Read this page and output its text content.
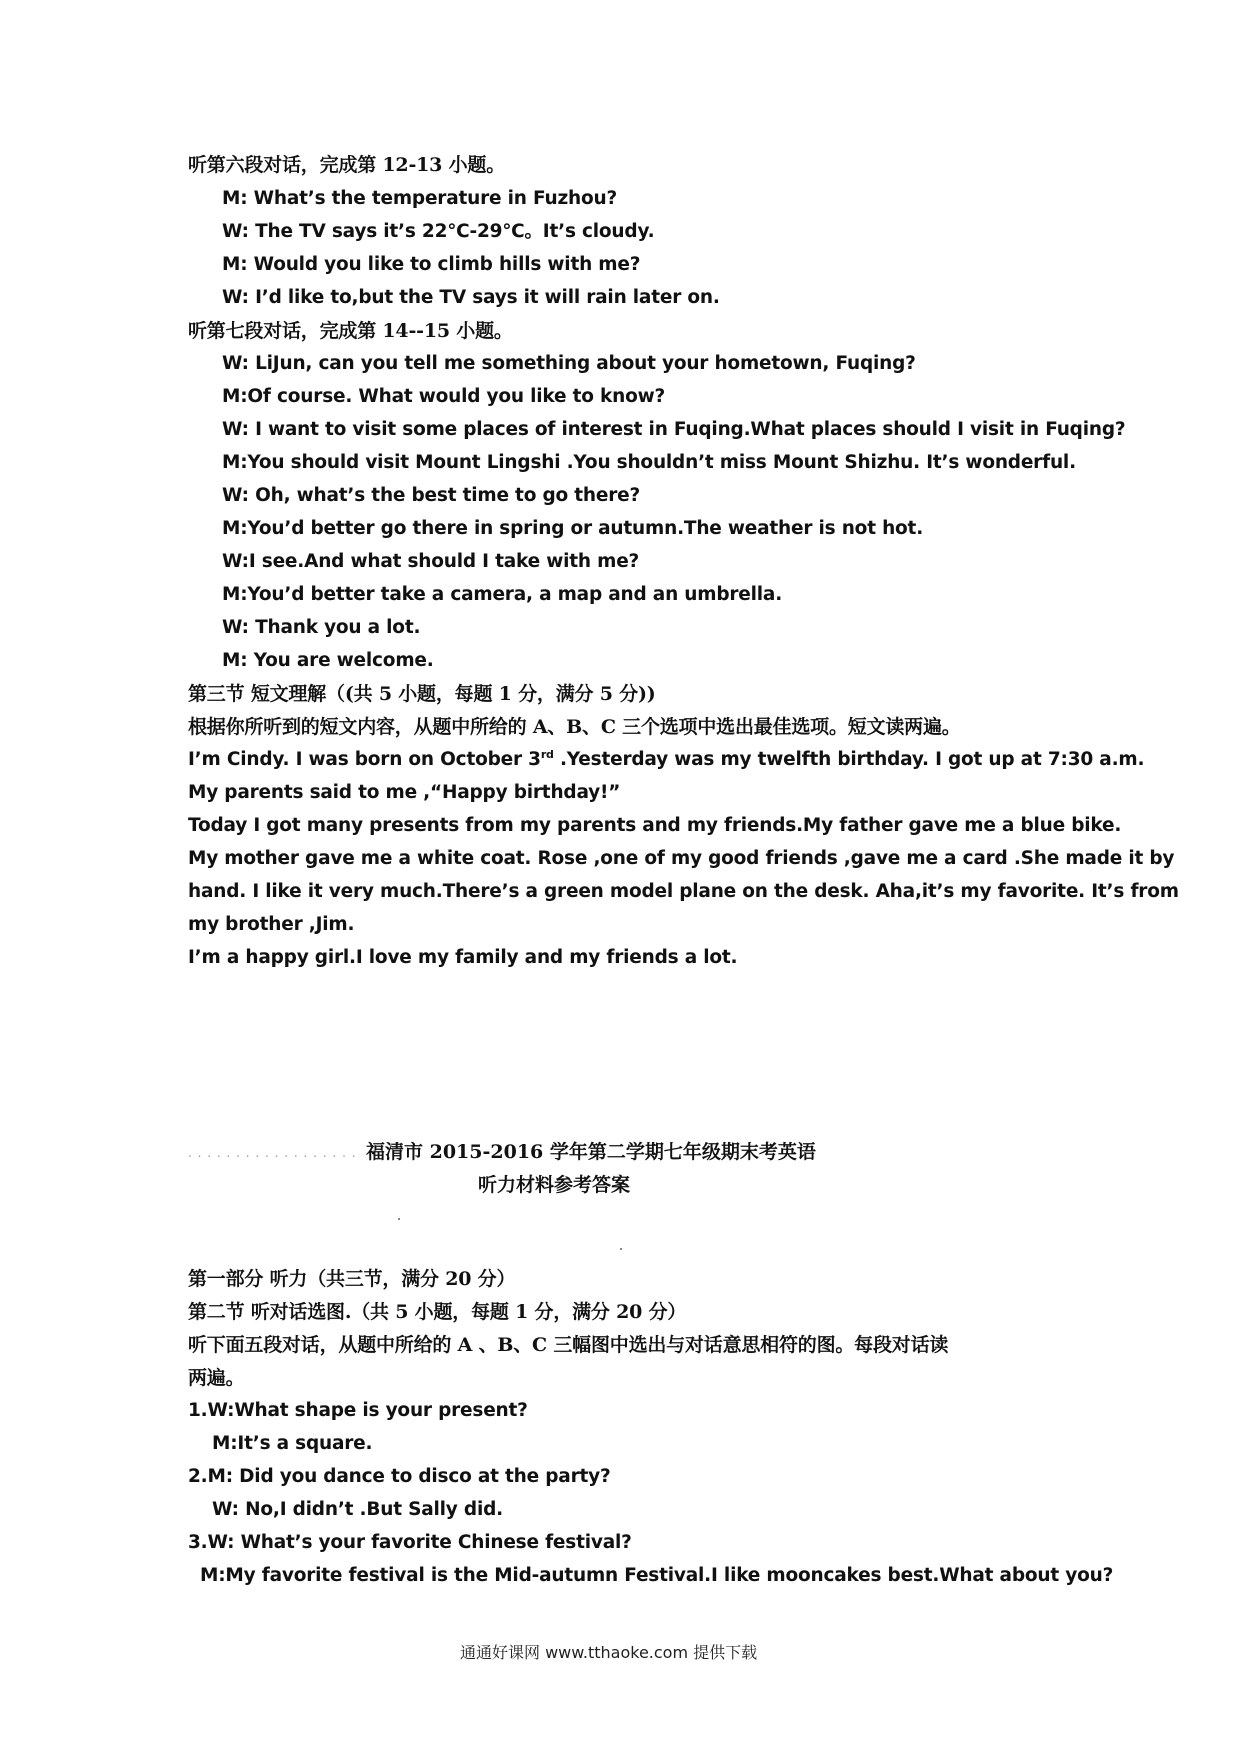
听第六段对话，完成第 12-13 小题。
M: What’s the temperature in Fuzhou?
W: The TV says it’s 22℃-29℃。It’s cloudy.
M: Would you like to climb hills with me?
W: I’d like to,but the TV says it will rain later on.
听第七段对话，完成第 14--15 小题。
W: LiJun, can you tell me something about your hometown, Fuqing?
M:Of course. What would you like to know?
W: I want to visit some places of interest in Fuqing.What places should I visit in Fuqing?
M:You should visit Mount Lingshi .You shouldn’t miss Mount Shizhu. It’s wonderful.
W: Oh, what’s the best time to go there?
M:You’d better go there in spring or autumn.The weather is not hot.
W:I see.And what should I take with me?
M:You’d better take a camera, a map and an umbrella.
W: Thank you a lot.
M: You are welcome.
第三节 短文理解（(共 5 小题，每题 1 分，满分 5 分))
根据你所听到的短文内容，从题中所给的 A、B、C 三个选项中选出最佳选项。短文读两遍。
I’m Cindy. I was born on October 3rd .Yesterday was my twelfth birthday. I got up at 7:30 a.m.
My parents said to me ,“Happy birthday!”
Today I got many presents from my parents and my friends.My father gave me a blue bike.
My mother gave me a white coat. Rose ,one of my good friends ,gave me a card .She made it by
hand. I like it very much.There’s a green model plane on the desk. Aha,it’s my favorite. It’s from
my brother ,Jim.
I’m a happy girl.I love my family and my friends a lot.
. . . . . . . . . . . . . . . . . . 福清市 2015-2016 学年第二学期七年级期末考英语
听力材料参考答案
第一部分 听力（共三节，满分 20 分）
第二节 听对话选图.（共 5 小题，每题 1 分，满分 20 分）
听下面五段对话，从题中所给的 A 、B、C 三幅图中选出与对话意思相符的图。每段对话读
两遍。
1.W:What shape is your present?
M:It’s a square.
2.M: Did you dance to disco at the party?
W: No,I didn’t .But Sally did.
3.W: What’s your favorite Chinese festival?
M:My favorite festival is the Mid-autumn Festival.I like mooncakes best.What about you?
通通好课网 www.tthaoke.com 提供下载
